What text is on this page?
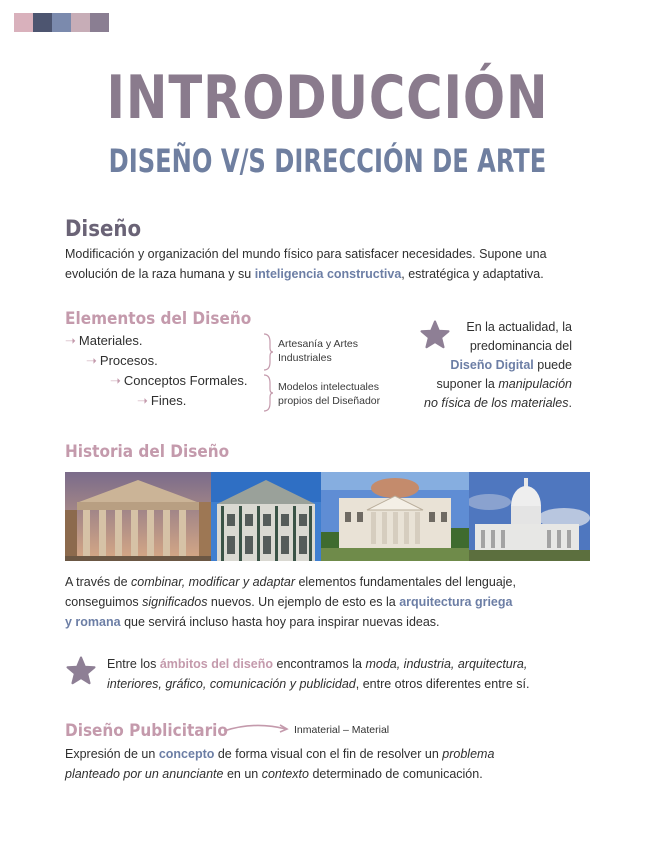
INTRODUCCIÓN
DISEÑO V/S DIRECCIÓN DE ARTE
Diseño
Modificación y organización del mundo físico para satisfacer necesidades. Supone una
evolución de la raza humana y su inteligencia constructiva, estratégica y adaptativa.
Elementos del Diseño
➝ Materiales.
➝ Procesos.
➝ Conceptos Formales.
➝ Fines.
Artesanía y Artes
Industriales
Modelos intelectuales
propios del Diseñador
En la actualidad, la
predominancia del
Diseño Digital puede
suponer la manipulación
no física de los materiales.
Historia del Diseño
A través de combinar, modificar y adaptar elementos fundamentales del lenguaje,
conseguimos significados nuevos. Un ejemplo de esto es la arquitectura griega
y romana que servirá incluso hasta hoy para inspirar nuevas ideas.
Entre los ámbitos del diseño encontramos la moda, industria, arquitectura,
interiores, gráfico, comunicación y publicidad, entre otros diferentes entre sí.
Diseño Publicitario	Inmaterial – Material
Expresión de un concepto de forma visual con el fin de resolver un problema
planteado por un anunciante en un contexto determinado de comunicación.
